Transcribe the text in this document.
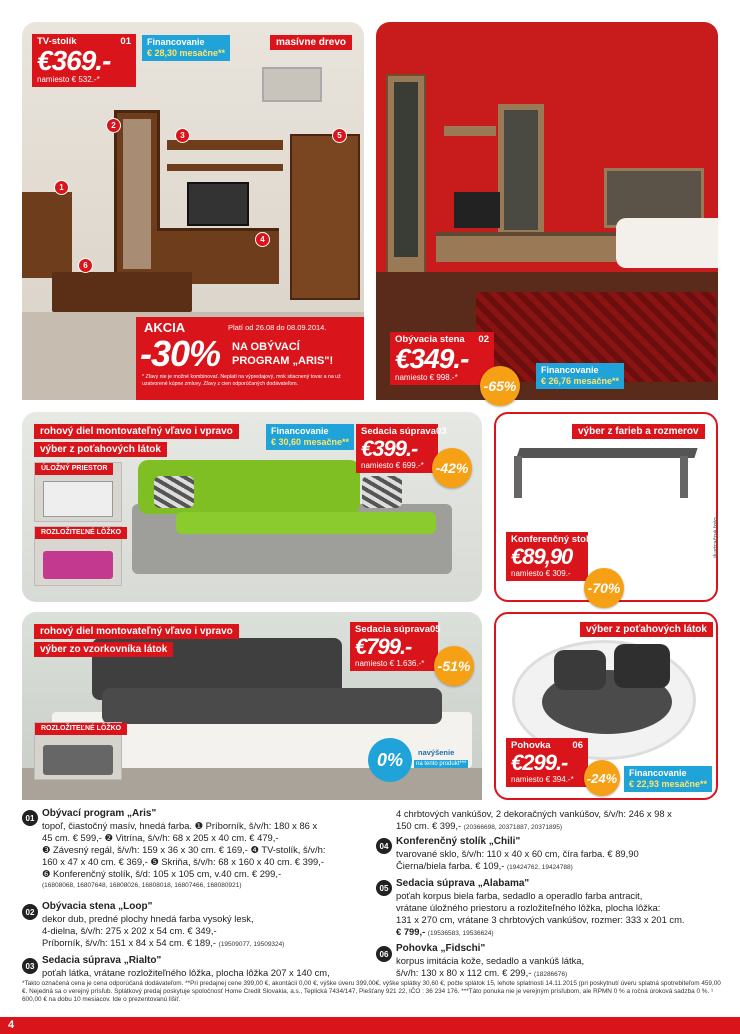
1
2
3
4
5
6
TV-stolík	01
€369.-
namiesto € 532.-*
Financovanie
€ 28,30 mesačne**
masívne drevo
AKCIA	Platí od 26.08 do 08.09.2014.
-30% NA OBÝVACÍ
PROGRAM „ARIS"!
* Zľavy nie je možné kombinovať. Neplatí na výpredajový, mnk stiacnený tovar a na už uzatvorené kúpne zmluvy. Zľavy z cien odporúčaných dodávateľom.
Obývacia stena 02
€349.-
namiesto € 998.-*
-65%
Financovanie
€ 26,76 mesačne**
rohový diel montovateľný vľavo i vpravo
výber z poťahových látok
ÚLOŽNÝ PRIESTOR
ROZLOŽITEĽNÉ LÔŽKO
Financovanie
€ 30,60 mesačne**
Sedacia súprava 03
€399.-
namiesto € 699.-* -42%
výber z farieb a rozmerov
ilustračné foto
Konferenčný stolík 04
€89,90
namiesto € 309.-
-70%
rohový diel montovateľný vľavo i vpravo
výber zo vzorkovníka látok
ROZLOŽITEĽNÉ LÔŽKO
Sedacia súprava 05
€799.-
namiesto € 1.636.-* -51%
0%	navýšenie
na tento produkt***
výber z poťahových látok
Pohovka 06
€299.-
namiesto € 394.-*	-24%	Financovanie
€ 22,93 mesačne**
01 Obývací program „Aris"
topoľ, čiastočný masív, hnedá farba. ❶ Príborník, š/v/h: 180 x 86 x
45 cm. € 599,- ❷ Vitrína, š/v/h: 68 x 205 x 40 cm. € 479,-
❸ Závesný regál, š/v/h: 159 x 36 x 30 cm. € 169,- ❹ TV-stolík, š/v/h:
160 x 47 x 40 cm. € 369,- ❺ Skriňa, š/v/h: 68 x 160 x 40 cm. € 399,-
❻ Konferenčný stolík, š/d: 105 x 105 cm, v.40 cm. € 299,-
(16808068, 16807648, 16808026, 16808018, 16807466, 168080921)
02 Obývacia stena „Loop"
dekor dub, predné plochy hnedá farba vysoký lesk,
4-dielna, š/v/h: 275 x 202 x 54 cm. € 349,-
Príborník, š/v/h: 151 x 84 x 54 cm. € 189,- (19509077, 19509324)
03 Sedacia súprava „Rialto"
poťah látka, vrátane rozložiteľného lôžka, plocha lôžka 207 x 140 cm,
4 chrbtových vankúšov, 2 dekoračných vankúšov, š/v/h: 246 x 98 x
150 cm. € 399,- (20366698, 20371887, 20371895)
04 Konferenčný stolík „Chili"
tvarované sklo, š/v/h: 110 x 40 x 60 cm, číra farba. € 89,90
Čierna/biela farba. € 109,- (19424762, 19424788)
05 Sedacia súprava „Alabama"
poťah korpus biela farba, sedadlo a operadlo farba antracit,
vrátane úložného priestoru a rozložiteľného lôžka, plocha lôžka:
131 x 270 cm, vrátane 3 chrbtových vankúšov, rozmer: 333 x 201 cm.
€ 799,- (19536583, 19536624)
06 Pohovka „Fidschi"
korpus imitácia kože, sedadlo a vankúš látka,
š/v/h: 130 x 80 x 112 cm. € 299,- (18286676)
*Takto označená cena je cena odporúčaná dodávateľom. **Pri predajnej cene 399,00 €, akontácii 0,00 €, výške úveru 399,00€, výške splátky 30,60 €, počte splátok 15, lehote splatnosti 14.11.2015 (pri poskytnutí úveru splatná spotrebiteľom 459,00 €. Nejedná sa o verejný prísľub. Splátkový predaj poskytuje spoločnosť Home Credit Slovakia, a.s., Teplická 7434/147, Piešťany 921 22, IČO : 36 234 176. ***Táto ponuka nie je verejným prísľubom, ale RPMN 0 % a ročná úroková sadzba 0 %. ¹ 600,00 € na dobu 10 mesiacov. Ide o prezentovanú lišiť.
4
